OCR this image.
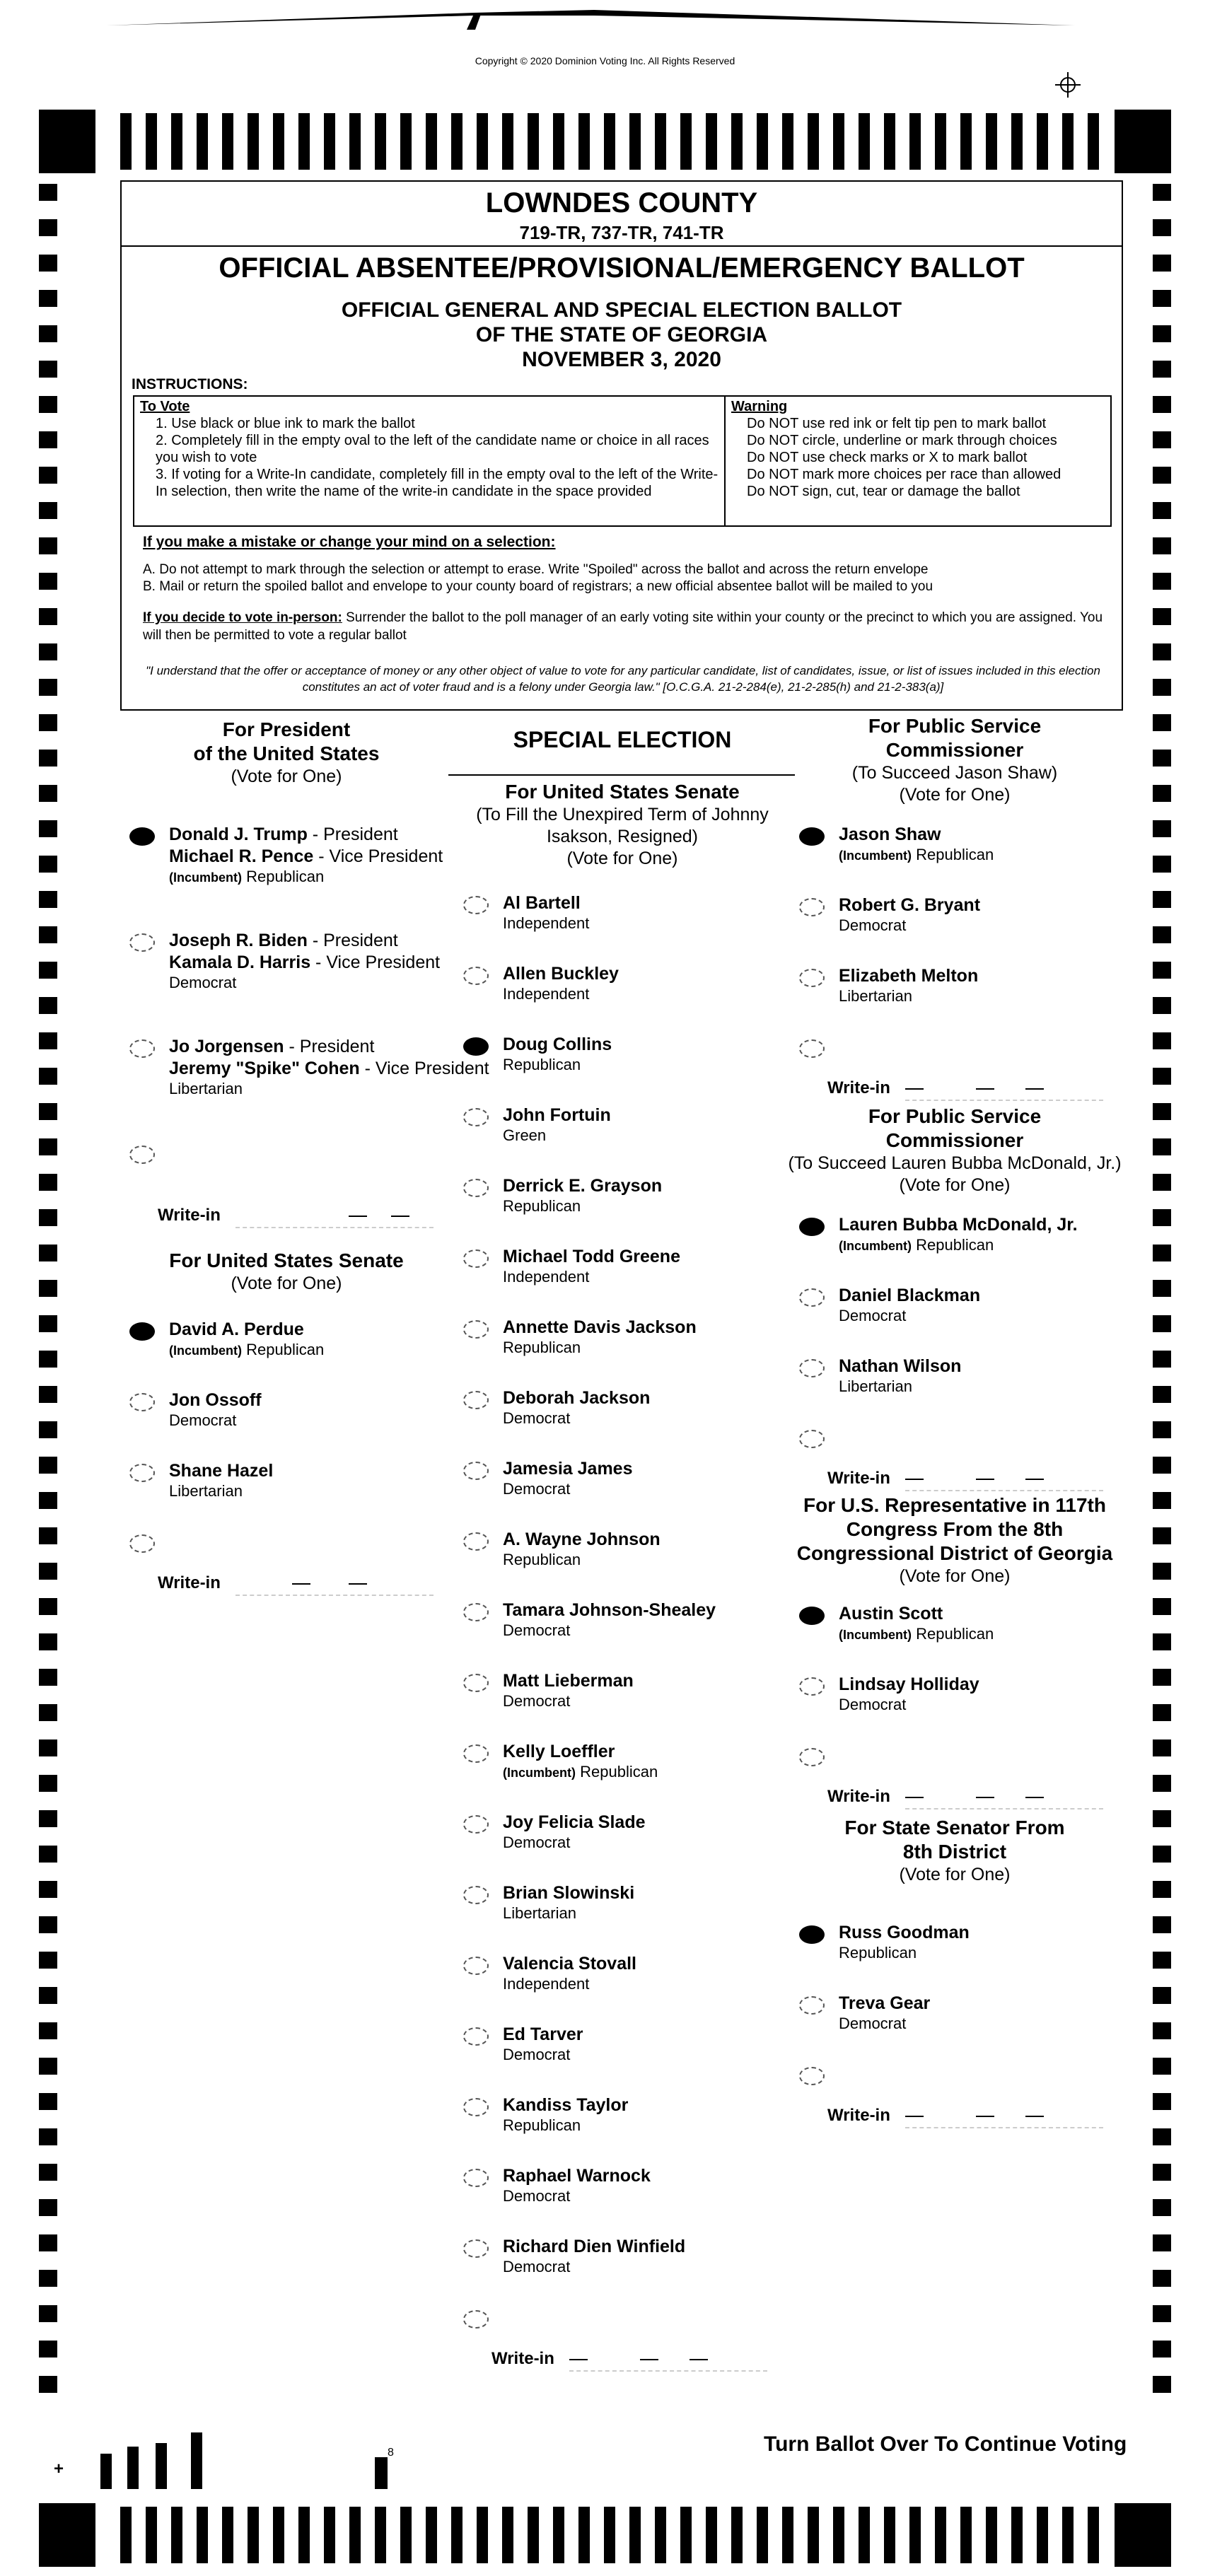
Copyright © 2020 Dominion Voting Inc. All Rights Reserved
LOWNDES COUNTY
719-TR, 737-TR, 741-TR
OFFICIAL ABSENTEE/PROVISIONAL/EMERGENCY BALLOT
OFFICIAL GENERAL AND SPECIAL ELECTION BALLOT
OF THE STATE OF GEORGIA
NOVEMBER 3, 2020
INSTRUCTIONS:
To Vote
1. Use black or blue ink to mark the ballot
2. Completely fill in the empty oval to the left of the candidate name or choice in all races you wish to vote
3. If voting for a Write-In candidate, completely fill in the empty oval to the left of the Write-In selection, then write the name of the write-in candidate in the space provided
Warning
Do NOT use red ink or felt tip pen to mark ballot
Do NOT circle, underline or mark through choices
Do NOT use check marks or X to mark ballot
Do NOT mark more choices per race than allowed
Do NOT sign, cut, tear or damage the ballot
If you make a mistake or change your mind on a selection:
A. Do not attempt to mark through the selection or attempt to erase. Write "Spoiled" across the ballot and across the return envelope
B. Mail or return the spoiled ballot and envelope to your county board of registrars; a new official absentee ballot will be mailed to you
If you decide to vote in-person: Surrender the ballot to the poll manager of an early voting site within your county or the precinct to which you are assigned. You will then be permitted to vote a regular ballot
"I understand that the offer or acceptance of money or any other object of value to vote for any particular candidate, list of candidates, issue, or list of issues included in this election constitutes an act of voter fraud and is a felony under Georgia law." [O.C.G.A. 21-2-284(e), 21-2-285(h) and 21-2-383(a)]
For President
of the United States
(Vote for One)
Donald J. Trump - President
Michael R. Pence - Vice President
(Incumbent) Republican
Joseph R. Biden - President
Kamala D. Harris - Vice President
Democrat
Jo Jorgensen - President
Jeremy "Spike" Cohen - Vice President
Libertarian
Write-in
For United States Senate
(Vote for One)
David A. Perdue
(Incumbent) Republican
Jon Ossoff
Democrat
Shane Hazel
Libertarian
Write-in
SPECIAL ELECTION
For United States Senate
(To Fill the Unexpired Term of Johnny
Isakson, Resigned)
(Vote for One)
Al Bartell
Independent
Allen Buckley
Independent
Doug Collins
Republican
John Fortuin
Green
Derrick E. Grayson
Republican
Michael Todd Greene
Independent
Annette Davis Jackson
Republican
Deborah Jackson
Democrat
Jamesia James
Democrat
A. Wayne Johnson
Republican
Tamara Johnson-Shealey
Democrat
Matt Lieberman
Democrat
Kelly Loeffler
(Incumbent) Republican
Joy Felicia Slade
Democrat
Brian Slowinski
Libertarian
Valencia Stovall
Independent
Ed Tarver
Democrat
Kandiss Taylor
Republican
Raphael Warnock
Democrat
Richard Dien Winfield
Democrat
Write-in
For Public Service
Commissioner
(To Succeed Jason Shaw)
(Vote for One)
Jason Shaw
(Incumbent) Republican
Robert G. Bryant
Democrat
Elizabeth Melton
Libertarian
Write-in
For Public Service
Commissioner
(To Succeed Lauren Bubba McDonald, Jr.)
(Vote for One)
Lauren Bubba McDonald, Jr.
(Incumbent) Republican
Daniel Blackman
Democrat
Nathan Wilson
Libertarian
Write-in
For U.S. Representative in 117th
Congress From the 8th
Congressional District of Georgia
(Vote for One)
Austin Scott
(Incumbent) Republican
Lindsay Holliday
Democrat
Write-in
For State Senator From
8th District
(Vote for One)
Russ Goodman
Republican
Treva Gear
Democrat
Write-in
+
8	Turn Ballot Over To Continue Voting
